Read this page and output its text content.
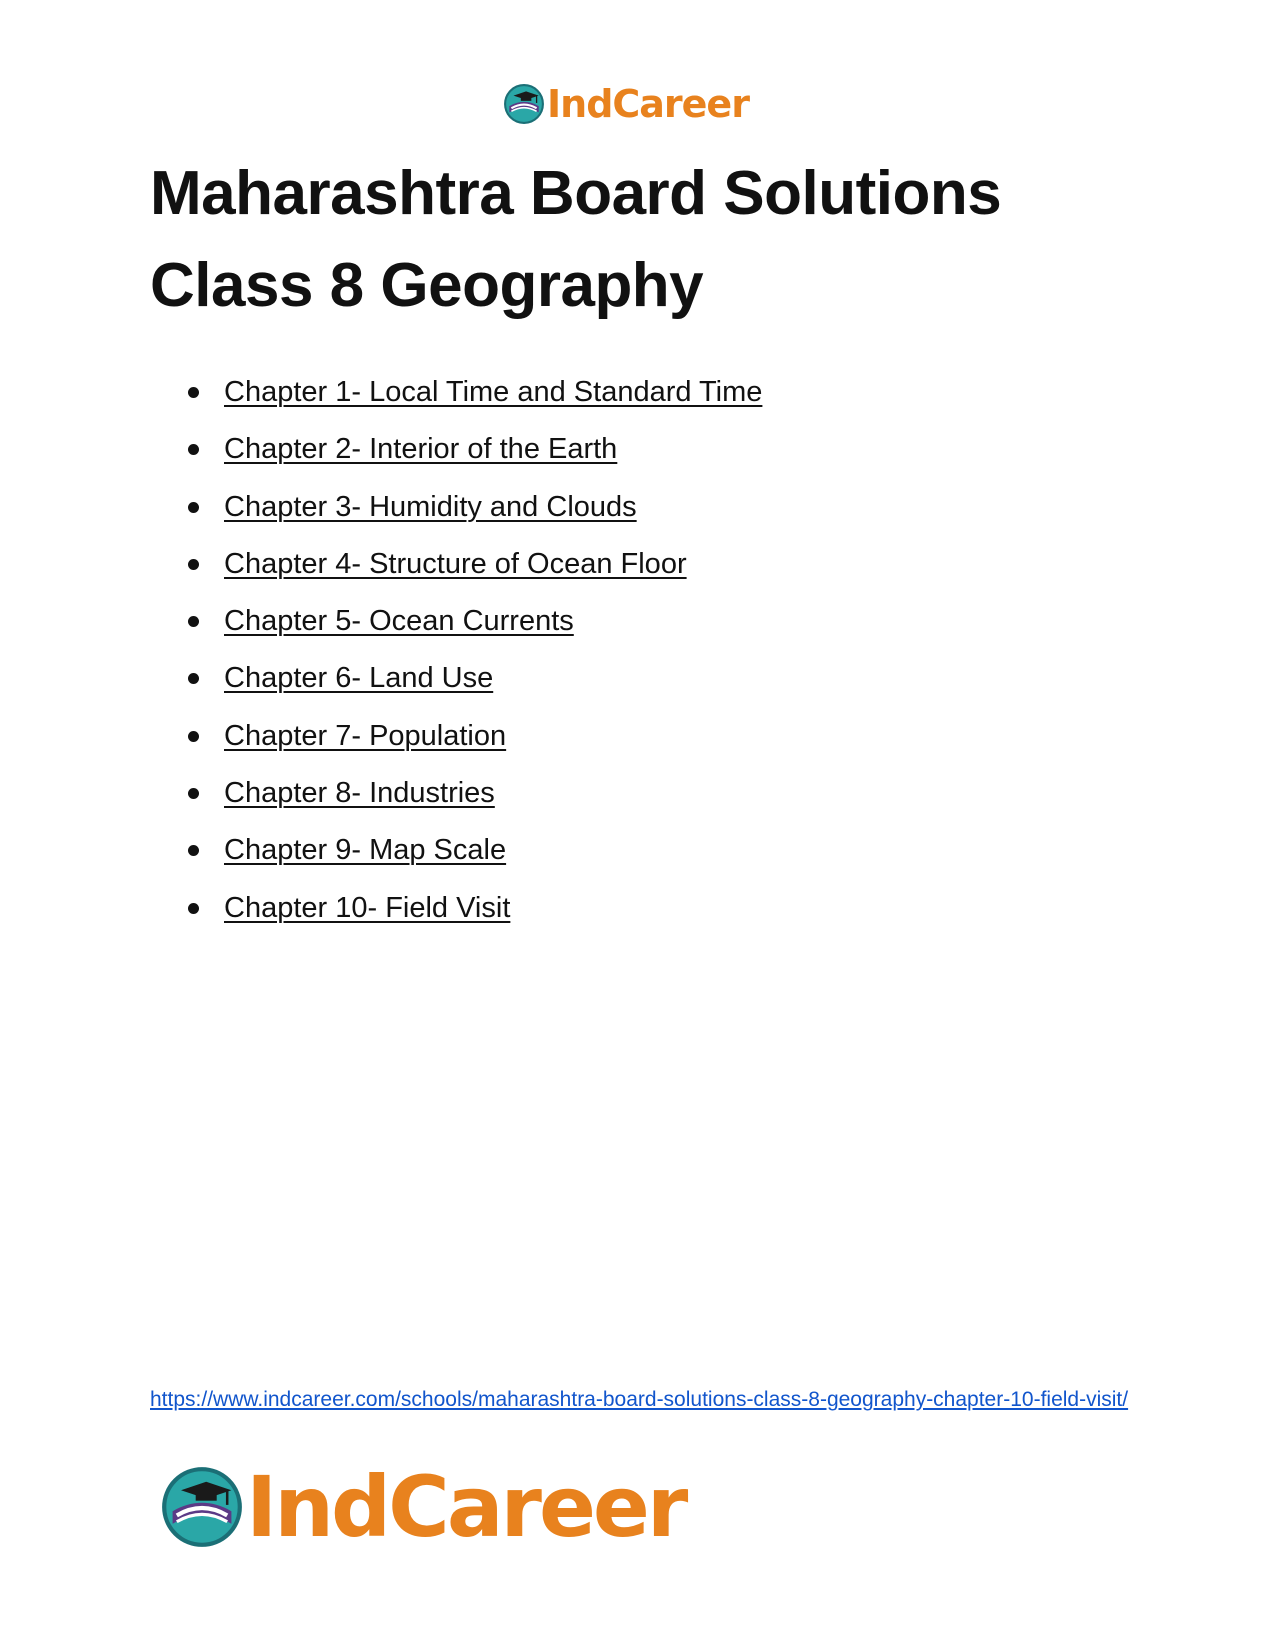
IndCareer
Maharashtra Board Solutions
Class 8 Geography
Chapter 1- Local Time and Standard Time
Chapter 2- Interior of the Earth
Chapter 3- Humidity and Clouds
Chapter 4- Structure of Ocean Floor
Chapter 5- Ocean Currents
Chapter 6- Land Use
Chapter 7- Population
Chapter 8- Industries
Chapter 9- Map Scale
Chapter 10- Field Visit
https://www.indcareer.com/schools/maharashtra-board-solutions-class-8-geography-chapter-10-field-visit/
IndCareer
